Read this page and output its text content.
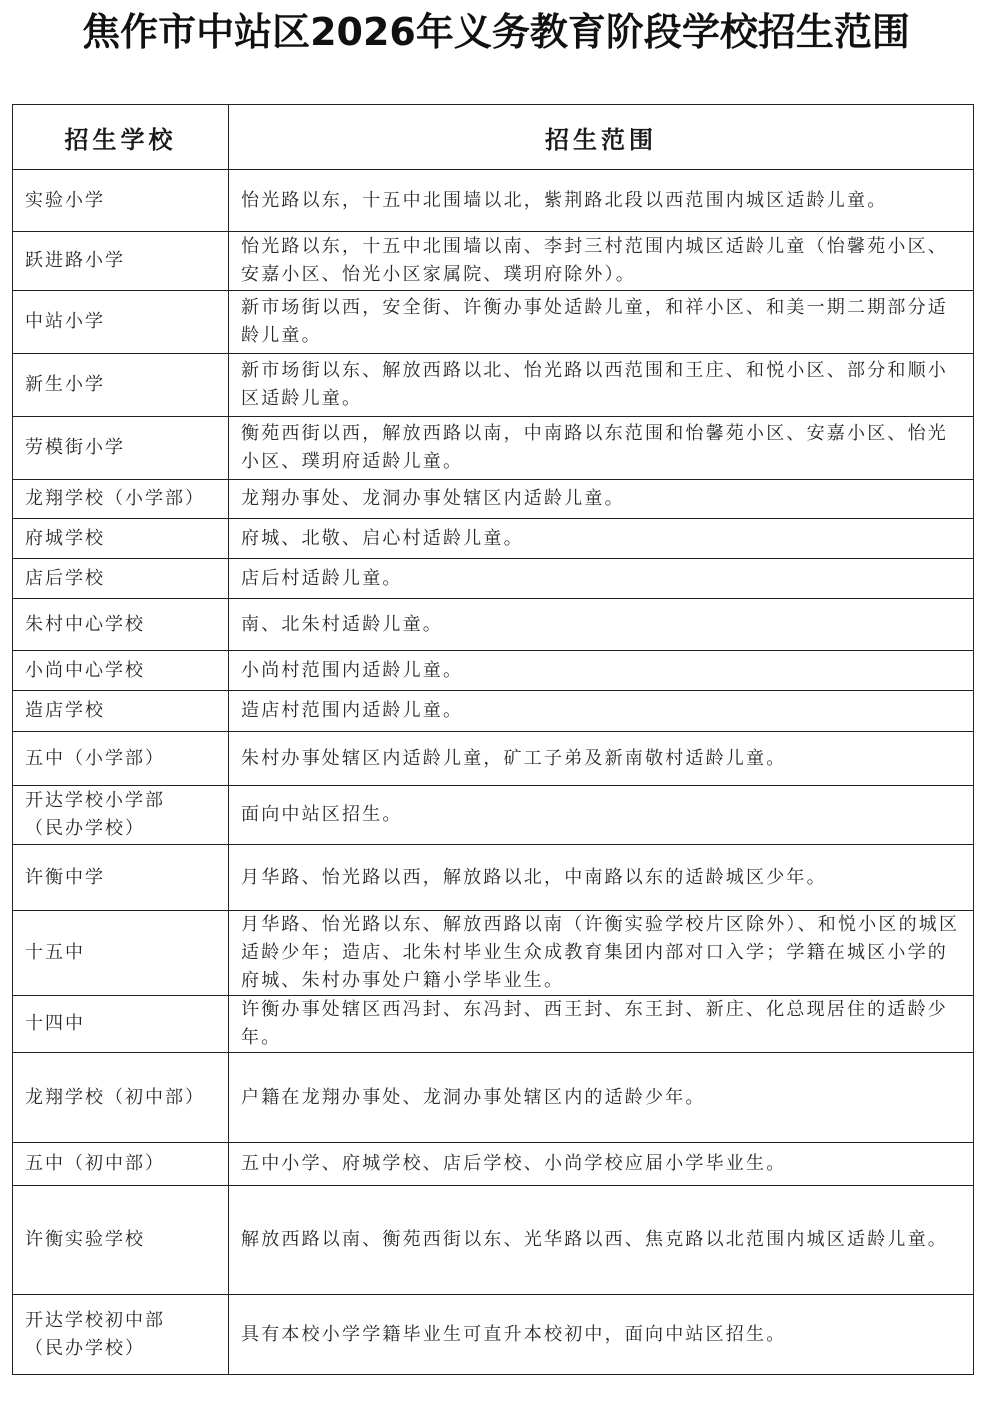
焦作市中站区2026年义务教育阶段学校招生范围
招生学校	招生范围
实验小学	怡光路以东，十五中北围墙以北，紫荆路北段以西范围内城区适龄儿童。
跃进路小学	怡光路以东，十五中北围墙以南、李封三村范围内城区适龄儿童（怡馨苑小区、安嘉小区、怡光小区家属院、璞玥府除外）。
中站小学	新市场街以西，安全街、许衡办事处适龄儿童，和祥小区、和美一期二期部分适龄儿童。
新生小学	新市场街以东、解放西路以北、怡光路以西范围和王庄、和悦小区、部分和顺小区适龄儿童。
劳模街小学	衡苑西街以西，解放西路以南，中南路以东范围和怡馨苑小区、安嘉小区、怡光小区、璞玥府适龄儿童。
龙翔学校（小学部）	龙翔办事处、龙洞办事处辖区内适龄儿童。
府城学校	府城、北敬、启心村适龄儿童。
店后学校	店后村适龄儿童。
朱村中心学校	南、北朱村适龄儿童。
小尚中心学校	小尚村范围内适龄儿童。
造店学校	造店村范围内适龄儿童。
五中（小学部）	朱村办事处辖区内适龄儿童，矿工子弟及新南敬村适龄儿童。

开达学校小学部
（民办学校）	面向中站区招生。
许衡中学	月华路、怡光路以西，解放路以北，中南路以东的适龄城区少年。
十五中	月华路、怡光路以东、解放西路以南（许衡实验学校片区除外）、和悦小区的城区适龄少年；造店、北朱村毕业生众成教育集团内部对口入学；学籍在城区小学的府城、朱村办事处户籍小学毕业生。
十四中	许衡办事处辖区西冯封、东冯封、西王封、东王封、新庄、化总现居住的适龄少年。
龙翔学校（初中部）	户籍在龙翔办事处、龙洞办事处辖区内的适龄少年。
五中（初中部）	五中小学、府城学校、店后学校、小尚学校应届小学毕业生。
许衡实验学校	解放西路以南、衡苑西街以东、光华路以西、焦克路以北范围内城区适龄儿童。

开达学校初中部
（民办学校）	具有本校小学学籍毕业生可直升本校初中，面向中站区招生。
